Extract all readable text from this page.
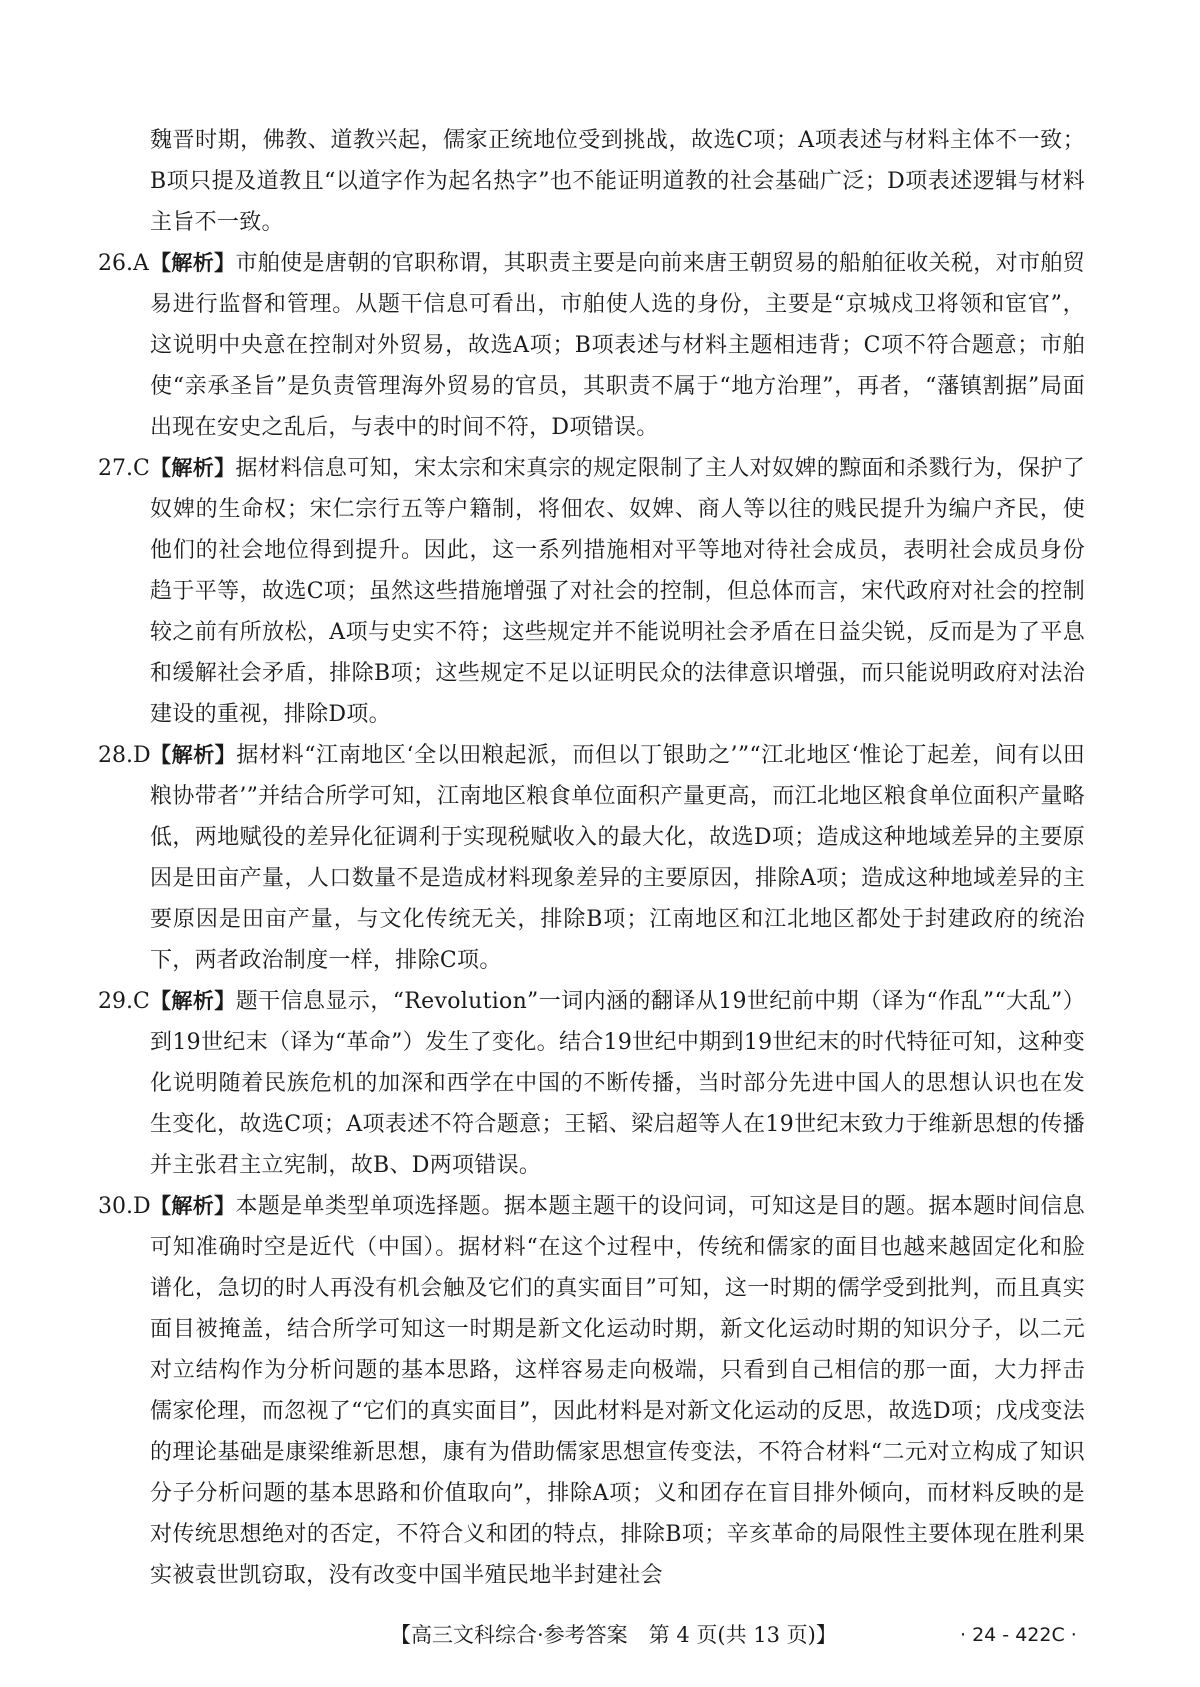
魏晋时期，佛教、道教兴起，儒家正统地位受到挑战，故选C项；A项表述与材料主体不一致；B项只提及道教且“以道字作为起名热字”也不能证明道教的社会基础广泛；D项表述逻辑与材料主旨不一致。

26.A 【解析】市舶使是唐朝的官职称谓，其职责主要是向前来唐王朝贸易的船舶征收关税，对市舶贸易进行监督和管理。从题干信息可看出，市舶使人选的身份，主要是“京城戍卫将领和宦官”，这说明中央意在控制对外贸易，故选A项；B项表述与材料主题相违背；C项不符合题意；市舶使“亲承圣旨”是负责管理海外贸易的官员，其职责不属于“地方治理”，再者，“藩镇割据”局面出现在安史之乱后，与表中的时间不符，D项错误。

27.C 【解析】据材料信息可知，宋太宗和宋真宗的规定限制了主人对奴婢的黥面和杀戮行为，保护了奴婢的生命权；宋仁宗行五等户籍制，将佃农、奴婢、商人等以往的贱民提升为编户齐民，使他们的社会地位得到提升。因此，这一系列措施相对平等地对待社会成员，表明社会成员身份趋于平等，故选C项；虽然这些措施增强了对社会的控制，但总体而言，宋代政府对社会的控制较之前有所放松，A项与史实不符；这些规定并不能说明社会矛盾在日益尖锐，反而是为了平息和缓解社会矛盾，排除B项；这些规定不足以证明民众的法律意识增强，而只能说明政府对法治建设的重视，排除D项。

28.D 【解析】据材料“江南地区‘全以田粮起派，而但以丁银助之’”“江北地区‘惟论丁起差，间有以田粮协带者’”并结合所学可知，江南地区粮食单位面积产量更高，而江北地区粮食单位面积产量略低，两地赋役的差异化征调利于实现税赋收入的最大化，故选D项；造成这种地域差异的主要原因是田亩产量，人口数量不是造成材料现象差异的主要原因，排除A项；造成这种地域差异的主要原因是田亩产量，与文化传统无关，排除B项；江南地区和江北地区都处于封建政府的统治下，两者政治制度一样，排除C项。

29.C 【解析】题干信息显示，“Revolution”一词内涵的翻译从19世纪前中期（译为“作乱”“大乱”）到19世纪末（译为“革命”）发生了变化。结合19世纪中期到19世纪末的时代特征可知，这种变化说明随着民族危机的加深和西学在中国的不断传播，当时部分先进中国人的思想认识也在发生变化，故选C项；A项表述不符合题意；王韬、梁启超等人在19世纪末致力于维新思想的传播并主张君主立宪制，故B、D两项错误。

30.D 【解析】本题是单类型单项选择题。据本题主题干的设问词，可知这是目的题。据本题时间信息可知准确时空是近代（中国）。据材料“在这个过程中，传统和儒家的面目也越来越固定化和脸谱化，急切的时人再没有机会触及它们的真实面目”可知，这一时期的儒学受到批判，而且真实面目被掩盖，结合所学可知这一时期是新文化运动时期，新文化运动时期的知识分子，以二元对立结构作为分析问题的基本思路，这样容易走向极端，只看到自己相信的那一面，大力抨击儒家伦理，而忽视了“它们的真实面目”，因此材料是对新文化运动的反思，故选D项；戊戌变法的理论基础是康梁维新思想，康有为借助儒家思想宣传变法，不符合材料“二元对立构成了知识分子分析问题的基本思路和价值取向”，排除A项；义和团存在盲目排外倾向，而材料反映的是对传统思想绝对的否定，不符合义和团的特点，排除B项；辛亥革命的局限性主要体现在胜利果实被袁世凯窃取，没有改变中国半殖民地半封建社会

【高三文科综合·参考答案　第 4 页(共 13 页)】	· 24 - 422C ·
